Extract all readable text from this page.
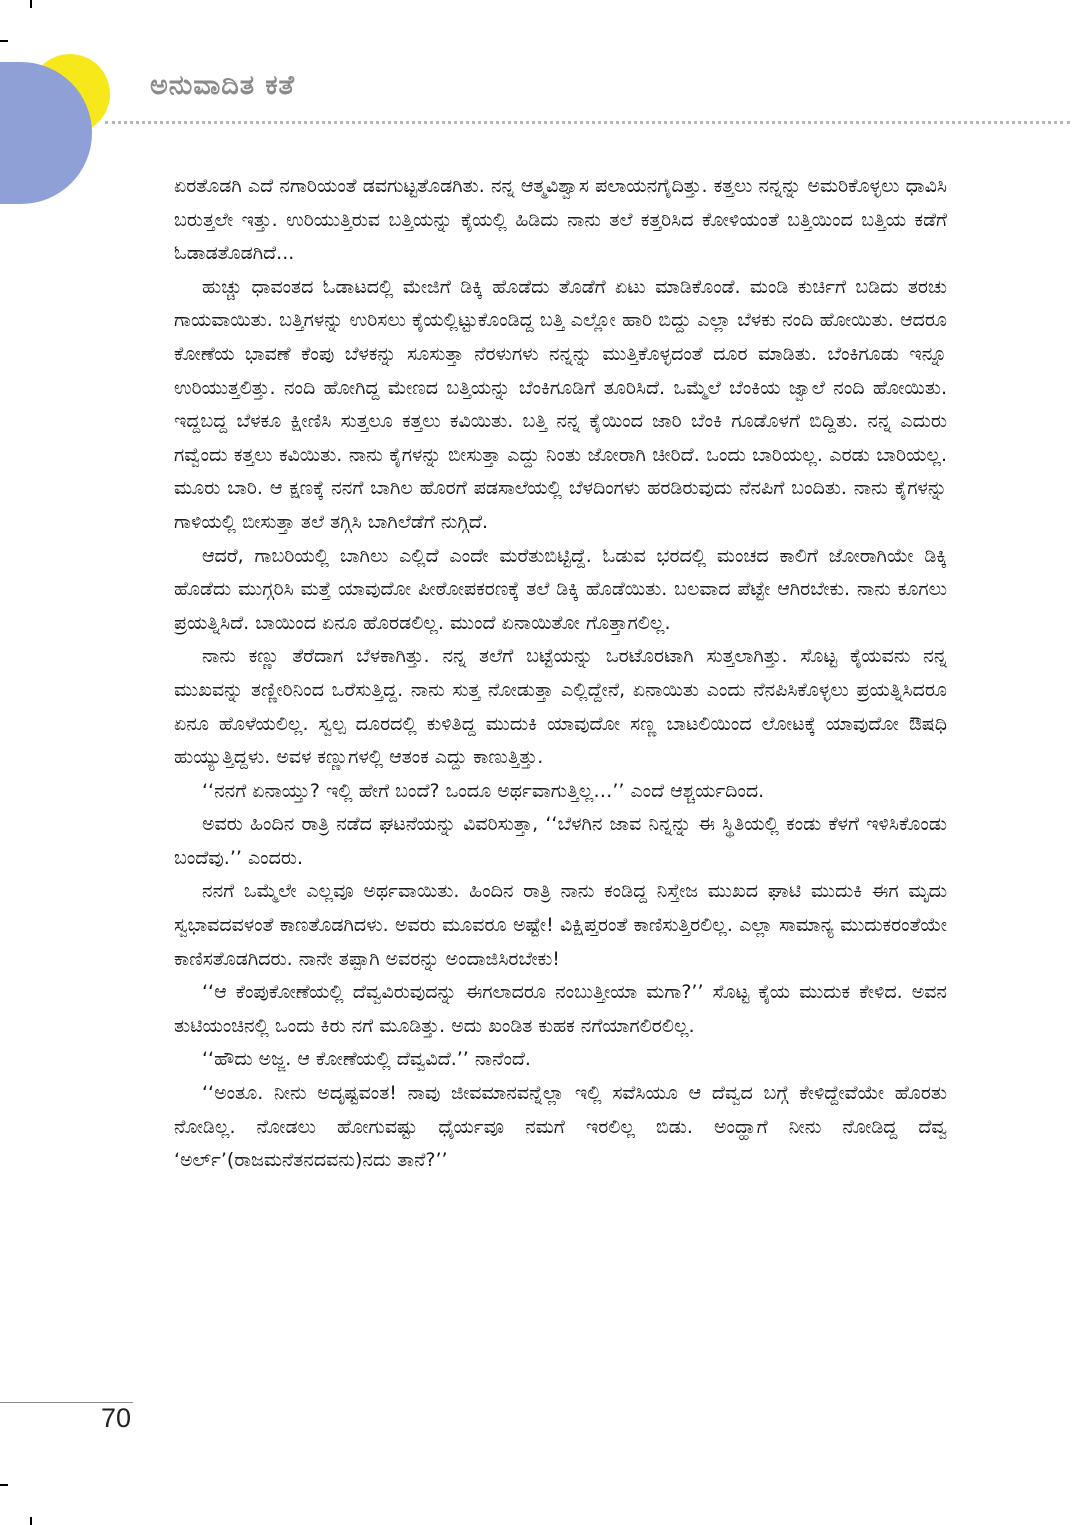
ಅನುವಾದಿತ ಕತೆ

ಏರತೊಡಗಿ ಎದೆ ನಗಾರಿಯಂತೆ ಡವಗುಟ್ಟತೊಡಗಿತು. ನನ್ನ ಆತ್ಮವಿಶ್ವಾಸ ಪಲಾಯನಗೈದಿತ್ತು. ಕತ್ತಲು ನನ್ನನ್ನು ಅಮರಿಕೊಳ್ಳಲು ಧಾವಿಸಿ ಬರುತ್ತಲೇ ಇತ್ತು. ಉರಿಯುತ್ತಿರುವ ಬತ್ತಿಯನ್ನು ಕೈಯಲ್ಲಿ ಹಿಡಿದು ನಾನು ತಲೆ ಕತ್ತರಿಸಿದ ಕೋಳಿಯಂತೆ ಬತ್ತಿಯಿಂದ ಬತ್ತಿಯ ಕಡೆಗೆ ಓಡಾಡತೊಡಗಿದೆ...

ಹುಚ್ಚು ಧಾವಂತದ ಓಡಾಟದಲ್ಲಿ ಮೇಜಿಗೆ ಡಿಕ್ಕಿ ಹೊಡೆದು ತೊಡೆಗೆ ಏಟು ಮಾಡಿಕೊಂಡೆ. ಮಂಡಿ ಕುರ್ಚಿಗೆ ಬಡಿದು ತರಚು ಗಾಯವಾಯಿತು. ಬತ್ತಿಗಳನ್ನು ಉರಿಸಲು ಕೈಯಲ್ಲಿಟ್ಟುಕೊಂಡಿದ್ದ ಬತ್ತಿ ಎಲ್ಲೋ ಹಾರಿ ಬಿದ್ದು ಎಲ್ಲಾ ಬೆಳಕು ನಂದಿ ಹೋಯಿತು. ಆದರೂ ಕೋಣೆಯ ಭಾವಣೆ ಕೆಂಪು ಬೆಳಕನ್ನು ಸೂಸುತ್ತಾ ನೆರಳುಗಳು ನನ್ನನ್ನು ಮುತ್ತಿಕೊಳ್ಳದಂತೆ ದೂರ ಮಾಡಿತು. ಬೆಂಕಿಗೂಡು ಇನ್ನೂ ಉರಿಯುತ್ತಲಿತ್ತು. ನಂದಿ ಹೋಗಿದ್ದ ಮೇಣದ ಬತ್ತಿಯನ್ನು ಬೆಂಕಿಗೂಡಿಗೆ ತೂರಿಸಿದೆ. ಒಮ್ಮೆಲೆ ಬೆಂಕಿಯ ಜ್ವಾಲೆ ನಂದಿ ಹೋಯಿತು. ಇದ್ದಬದ್ದ ಬೆಳಕೂ ಕ್ಷೀಣಿಸಿ ಸುತ್ತಲೂ ಕತ್ತಲು ಕವಿಯಿತು. ಬತ್ತಿ ನನ್ನ ಕೈಯಿಂದ ಜಾರಿ ಬೆಂಕಿ ಗೂಡೊಳಗೆ ಬಿದ್ದಿತು. ನನ್ನ ಎದುರು ಗವ್ವೆಂದು ಕತ್ತಲು ಕವಿಯಿತು. ನಾನು ಕೈಗಳನ್ನು ಬೀಸುತ್ತಾ ಎದ್ದು ನಿಂತು ಜೋರಾಗಿ ಚೀರಿದೆ. ಒಂದು ಬಾರಿಯಲ್ಲ. ಎರಡು ಬಾರಿಯಲ್ಲ. ಮೂರು ಬಾರಿ. ಆ ಕ್ಷಣಕ್ಕೆ ನನಗೆ ಬಾಗಿಲ ಹೊರಗೆ ಪಡಸಾಲೆಯಲ್ಲಿ ಬೆಳದಿಂಗಳು ಹರಡಿರುವುದು ನೆನಪಿಗೆ ಬಂದಿತು. ನಾನು ಕೈಗಳನ್ನು ಗಾಳಿಯಲ್ಲಿ ಬೀಸುತ್ತಾ ತಲೆ ತಗ್ಗಿಸಿ ಬಾಗಿಲೆಡೆಗೆ ನುಗ್ಗಿದೆ.

ಆದರೆ, ಗಾಬರಿಯಲ್ಲಿ ಬಾಗಿಲು ಎಲ್ಲಿದೆ ಎಂದೇ ಮರೆತುಬಿಟ್ಟಿದ್ದೆ. ಓಡುವ ಭರದಲ್ಲಿ ಮಂಚದ ಕಾಲಿಗೆ ಜೋರಾಗಿಯೇ ಡಿಕ್ಕಿ ಹೊಡೆದು ಮುಗ್ಗರಿಸಿ ಮತ್ತೆ ಯಾವುದೋ ಪೀಠೋಪಕರಣಕ್ಕೆ ತಲೆ ಡಿಕ್ಕಿ ಹೊಡೆಯಿತು. ಬಲವಾದ ಪೆಟ್ಟೇ ಆಗಿರಬೇಕು. ನಾನು ಕೂಗಲು ಪ್ರಯತ್ನಿಸಿದೆ. ಬಾಯಿಂದ ಏನೂ ಹೊರಡಲಿಲ್ಲ. ಮುಂದೆ ಏನಾಯಿತೋ ಗೊತ್ತಾಗಲಿಲ್ಲ.

ನಾನು ಕಣ್ಣು ತೆರೆದಾಗ ಬೆಳಕಾಗಿತ್ತು. ನನ್ನ ತಲೆಗೆ ಬಟ್ಟೆಯನ್ನು ಒರಟೊರಟಾಗಿ ಸುತ್ತಲಾಗಿತ್ತು. ಸೊಟ್ಟ ಕೈಯವನು ನನ್ನ ಮುಖವನ್ನು ತಣ್ಣೀರಿನಿಂದ ಒರೆಸುತ್ತಿದ್ದ. ನಾನು ಸುತ್ತ ನೋಡುತ್ತಾ ಎಲ್ಲಿದ್ದೇನೆ, ಏನಾಯಿತು ಎಂದು ನೆನಪಿಸಿಕೊಳ್ಳಲು ಪ್ರಯತ್ನಿಸಿದರೂ ಏನೂ ಹೊಳೆಯಲಿಲ್ಲ. ಸ್ವಲ್ಪ ದೂರದಲ್ಲಿ ಕುಳಿತಿದ್ದ ಮುದುಕಿ ಯಾವುದೋ ಸಣ್ಣ ಬಾಟಲಿಯಿಂದ ಲೋಟಕ್ಕೆ ಯಾವುದೋ ಔಷಧಿ ಹುಯ್ಯುತ್ತಿದ್ದಳು. ಅವಳ ಕಣ್ಣುಗಳಲ್ಲಿ ಆತಂಕ ಎದ್ದು ಕಾಣುತ್ತಿತ್ತು.

‘‘ನನಗೆ ಏನಾಯ್ತು? ಇಲ್ಲಿ ಹೇಗೆ ಬಂದೆ? ಒಂದೂ ಅರ್ಥವಾಗುತ್ತಿಲ್ಲ…’’ ಎಂದೆ ಆಶ್ಚರ್ಯದಿಂದ.

ಅವರು ಹಿಂದಿನ ರಾತ್ರಿ ನಡೆದ ಘಟನೆಯನ್ನು ವಿವರಿಸುತ್ತಾ, ‘‘ಬೆಳಗಿನ ಜಾವ ನಿನ್ನನ್ನು ಈ ಸ್ಥಿತಿಯಲ್ಲಿ ಕಂಡು ಕೆಳಗೆ ಇಳಿಸಿಕೊಂಡು ಬಂದೆವು.’’ ಎಂದರು.

ನನಗೆ ಒಮ್ಮೆಲೇ ಎಲ್ಲವೂ ಅರ್ಥವಾಯಿತು. ಹಿಂದಿನ ರಾತ್ರಿ ನಾನು ಕಂಡಿದ್ದ ನಿಸ್ತೇಜ ಮುಖದ ಘಾಟಿ ಮುದುಕಿ ಈಗ ಮೃದು ಸ್ವಭಾವದವಳಂತೆ ಕಾಣತೊಡಗಿದಳು. ಅವರು ಮೂವರೂ ಅಷ್ಟೇ! ವಿಕ್ಷಿಪ್ತರಂತೆ ಕಾಣಿಸುತ್ತಿರಲಿಲ್ಲ. ಎಲ್ಲಾ ಸಾಮಾನ್ಯ ಮುದುಕರಂತೆಯೇ ಕಾಣಿಸತೊಡಗಿದರು. ನಾನೇ ತಪ್ಪಾಗಿ ಅವರನ್ನು ಅಂದಾಜಿಸಿರಬೇಕು!

‘‘ಆ ಕೆಂಪುಕೋಣೆಯಲ್ಲಿ ದೆವ್ವವಿರುವುದನ್ನು ಈಗಲಾದರೂ ನಂಬುತ್ತೀಯಾ ಮಗಾ?’’ ಸೊಟ್ಟ ಕೈಯ ಮುದುಕ ಕೇಳಿದ. ಅವನ ತುಟಿಯಂಚಿನಲ್ಲಿ ಒಂದು ಕಿರು ನಗೆ ಮೂಡಿತ್ತು. ಅದು ಖಂಡಿತ ಕುಹಕ ನಗೆಯಾಗಲಿರಲಿಲ್ಲ.

‘‘ಹೌದು ಅಜ್ಜ. ಆ ಕೋಣೆಯಲ್ಲಿ ದೆವ್ವವಿದೆ.’’ ನಾನೆಂದೆ.

‘‘ಅಂತೂ. ನೀನು ಅದೃಷ್ಟವಂತ! ನಾವು ಜೀವಮಾನವನ್ನೆಲ್ಲಾ ಇಲ್ಲಿ ಸವೆಸಿಯೂ ಆ ದೆವ್ವದ ಬಗ್ಗೆ ಕೇಳಿದ್ದೇವೆಯೇ ಹೊರತು ನೋಡಿಲ್ಲ. ನೋಡಲು ಹೋಗುವಷ್ಟು ಧೈರ್ಯವೂ ನಮಗೆ ಇರಲಿಲ್ಲ ಬಿಡು. ಅಂದ್ಹಾಗೆ ನೀನು ನೋಡಿದ್ದ ದೆವ್ವ ‘ಅರ್ಲ್’(ರಾಜಮನೆತನದವನು)ನದು ತಾನೆ?’’

70
